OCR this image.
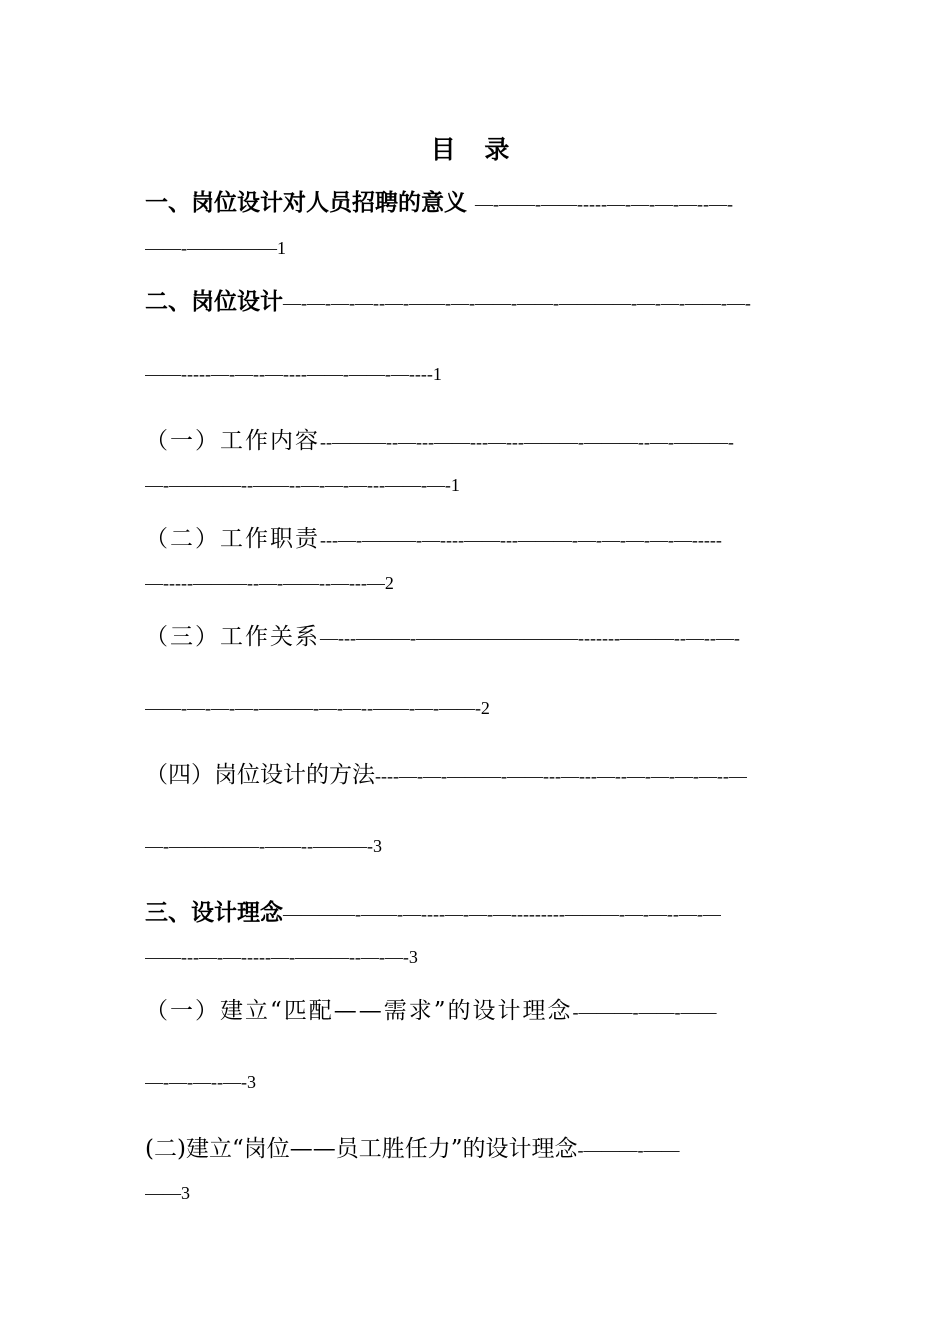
目 录
一、岗位设计对人员招聘的意义 —-——-——-----—-—-—-—--—-
——-—————1
二、岗位设计—-—-—-—--—-——-—-——-——-————-—-—-——-—-
——-----—-—--—----——-——-—----1
（一）工作内容--———--—---——---—---———-———--—-———-
—-————--——--—-—-—---——-—-1
（二）工作职责---—-———-—----——---———-—-—-—-—-—-----
—-----———--—-——--—---—2
（三）工作关系—---———-—————————-------———--—--—-
——-—-—-—-———-—-—--——-—-——-2
（四）岗位设计的方法----—-—-———-——---—---—--—-—-—-—--—
—-—————-——--———-3
三、设计理念————-——-—----—-—-—---------———-—-—--—-—
——---—-—-----—-———--—-—-3
（一）建立“匹配——需求”的设计理念-———-——-——
—-—-—--—-3
(二)建立“岗位——员工胜任力”的设计理念-———-——
——3
